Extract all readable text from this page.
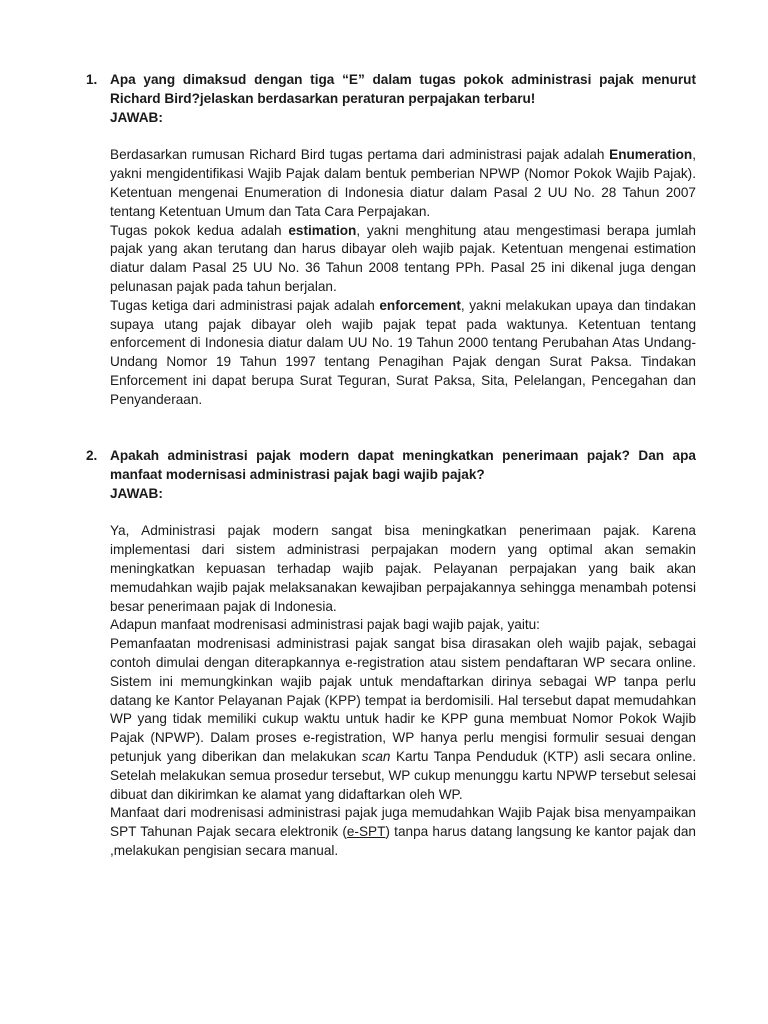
1. Apa yang dimaksud dengan tiga “E” dalam tugas pokok administrasi pajak menurut Richard Bird?jelaskan berdasarkan peraturan perpajakan terbaru!
JAWAB:
Berdasarkan rumusan Richard Bird tugas pertama dari administrasi pajak adalah Enumeration, yakni mengidentifikasi Wajib Pajak dalam bentuk pemberian NPWP (Nomor Pokok Wajib Pajak). Ketentuan mengenai Enumeration di Indonesia diatur dalam Pasal 2 UU No. 28 Tahun 2007 tentang Ketentuan Umum dan Tata Cara Perpajakan.
Tugas pokok kedua adalah estimation, yakni menghitung atau mengestimasi berapa jumlah pajak yang akan terutang dan harus dibayar oleh wajib pajak. Ketentuan mengenai estimation diatur dalam Pasal 25 UU No. 36 Tahun 2008 tentang PPh. Pasal 25 ini dikenal juga dengan pelunasan pajak pada tahun berjalan.
Tugas ketiga dari administrasi pajak adalah enforcement, yakni melakukan upaya dan tindakan supaya utang pajak dibayar oleh wajib pajak tepat pada waktunya. Ketentuan tentang enforcement di Indonesia diatur dalam UU No. 19 Tahun 2000 tentang Perubahan Atas Undang-Undang Nomor 19 Tahun 1997 tentang Penagihan Pajak dengan Surat Paksa. Tindakan Enforcement ini dapat berupa Surat Teguran, Surat Paksa, Sita, Pelelangan, Pencegahan dan Penyanderaan.
2. Apakah administrasi pajak modern dapat meningkatkan penerimaan pajak? Dan apa manfaat modernisasi administrasi pajak bagi wajib pajak?
JAWAB:
Ya, Administrasi pajak modern sangat bisa meningkatkan penerimaan pajak. Karena implementasi dari sistem administrasi perpajakan modern yang optimal akan semakin meningkatkan kepuasan terhadap wajib pajak. Pelayanan perpajakan yang baik akan memudahkan wajib pajak melaksanakan kewajiban perpajakannya sehingga menambah potensi besar penerimaan pajak di Indonesia.
Adapun manfaat modrenisasi administrasi pajak bagi wajib pajak, yaitu:
Pemanfaatan modrenisasi administrasi pajak sangat bisa dirasakan oleh wajib pajak, sebagai contoh dimulai dengan diterapkannya e-registration atau sistem pendaftaran WP secara online. Sistem ini memungkinkan wajib pajak untuk mendaftarkan dirinya sebagai WP tanpa perlu datang ke Kantor Pelayanan Pajak (KPP) tempat ia berdomisili. Hal tersebut dapat memudahkan WP yang tidak memiliki cukup waktu untuk hadir ke KPP guna membuat Nomor Pokok Wajib Pajak (NPWP). Dalam proses e-registration, WP hanya perlu mengisi formulir sesuai dengan petunjuk yang diberikan dan melakukan scan Kartu Tanpa Penduduk (KTP) asli secara online. Setelah melakukan semua prosedur tersebut, WP cukup menunggu kartu NPWP tersebut selesai dibuat dan dikirimkan ke alamat yang didaftarkan oleh WP.
Manfaat dari modrenisasi administrasi pajak juga memudahkan Wajib Pajak bisa menyampaikan SPT Tahunan Pajak secara elektronik (e-SPT) tanpa harus datang langsung ke kantor pajak dan ,melakukan pengisian secara manual.
